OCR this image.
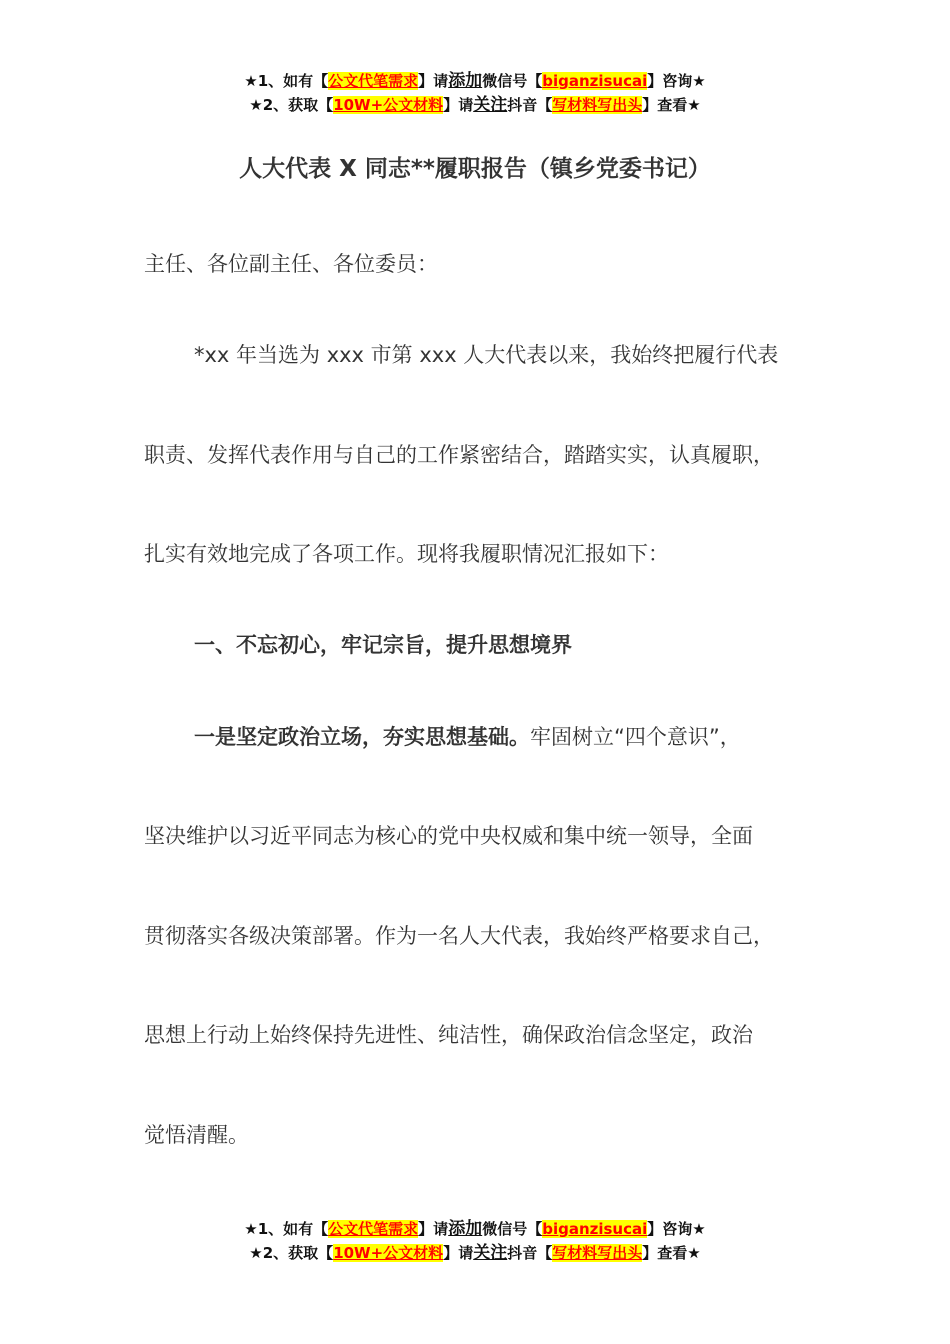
★1、如有【公文代笔需求】请添加微信号【biganzisucai】咨询★
★2、获取【10W+公文材料】请关注抖音【写材料写出头】查看★
人大代表 X 同志**履职报告（镇乡党委书记）
主任、各位副主任、各位委员：
*xx 年当选为 xxx 市第 xxx 人大代表以来，我始终把履行代表
职责、发挥代表作用与自己的工作紧密结合，踏踏实实，认真履职，
扎实有效地完成了各项工作。现将我履职情况汇报如下：
一、不忘初心，牢记宗旨，提升思想境界
一是坚定政治立场，夯实思想基础。牢固树立“四个意识”，
坚决维护以习近平同志为核心的党中央权威和集中统一领导，全面
贯彻落实各级决策部署。作为一名人大代表，我始终严格要求自己，
思想上行动上始终保持先进性、纯洁性，确保政治信念坚定，政治
觉悟清醒。
★1、如有【公文代笔需求】请添加微信号【biganzisucai】咨询★
★2、获取【10W+公文材料】请关注抖音【写材料写出头】查看★
